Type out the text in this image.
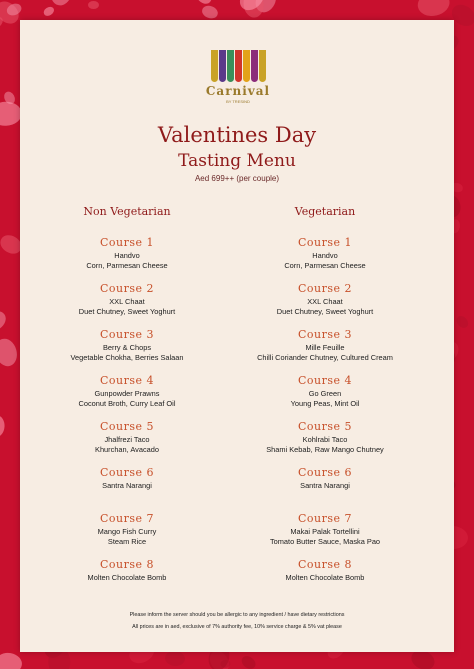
Carnival
BY TRESIND
Valentines Day
Tasting Menu
Aed 699++ (per couple)
Non Vegetarian
Course 1
Handvo
Corn, Parmesan Cheese
Course 2
XXL Chaat
Duet Chutney, Sweet Yoghurt
Course 3
Berry & Chops
Vegetable Chokha, Berries Salaan
Course 4
Gunpowder Prawns
Coconut Broth, Curry Leaf Oil
Course 5
Jhalfrezi Taco
Khurchan, Avacado
Course 6
Santra Narangi
Course 7
Mango Fish Curry
Steam Rice
Course 8
Molten Chocolate Bomb
Vegetarian
Course 1
Handvo
Corn, Parmesan Cheese
Course 2
XXL Chaat
Duet Chutney, Sweet Yoghurt
Course 3
Mille Feuille
Chilli Coriander Chutney, Cultured Cream
Course 4
Go Green
Young Peas, Mint Oil
Course 5
Kohlrabi Taco
Shami Kebab, Raw Mango Chutney
Course 6
Santra Narangi
Course 7
Makai Palak Tortellini
Tomato Butter Sauce, Maska Pao
Course 8
Molten Chocolate Bomb
Please inform the server should you be allergic to any ingredient / have dietary restrictions
All prices are in aed, exclusive of 7% authority fee, 10% service charge & 5% vat please
